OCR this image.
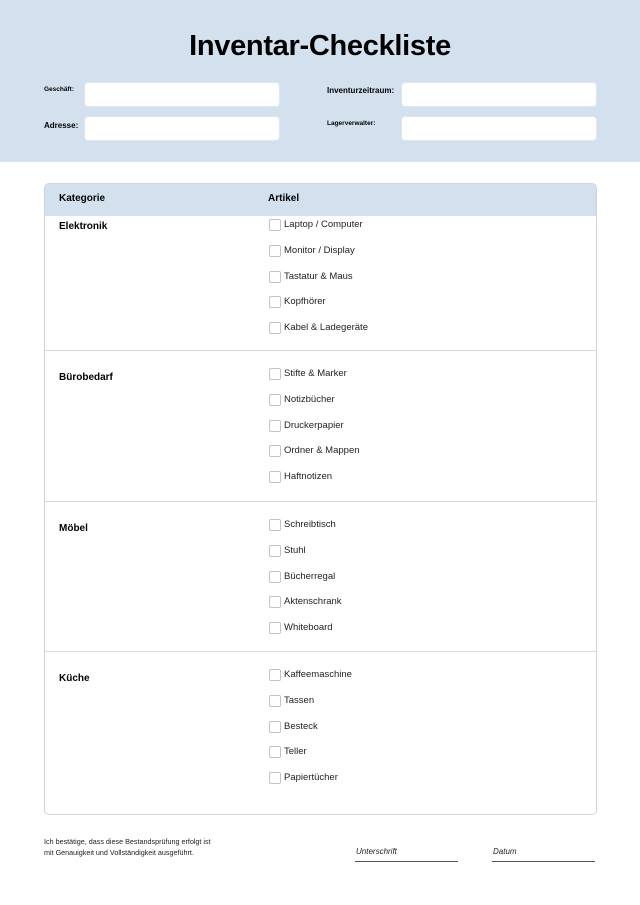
Inventar-Checkliste
Geschäft:
Adresse:
Inventurzeitraum:
Lagerverwalter:
Kategorie	Artikel
Elektronik	Laptop / Computer
Monitor / Display
Tastatur & Maus
Kopfhörer
Kabel & Ladegeräte
Bürobedarf	Stifte & Marker
Notizbücher
Druckerpapier
Ordner & Mappen
Haftnotizen
Möbel	Schreibtisch
Stuhl
Bücherregal
Aktenschrank
Whiteboard
Küche	Kaffeemaschine
Tassen
Besteck
Teller
Papiertücher
Ich bestätige, dass diese Bestandsprüfung erfolgt ist
mit Genauigkeit und Vollständigkeit ausgeführt.	Unterschrift	Datum
